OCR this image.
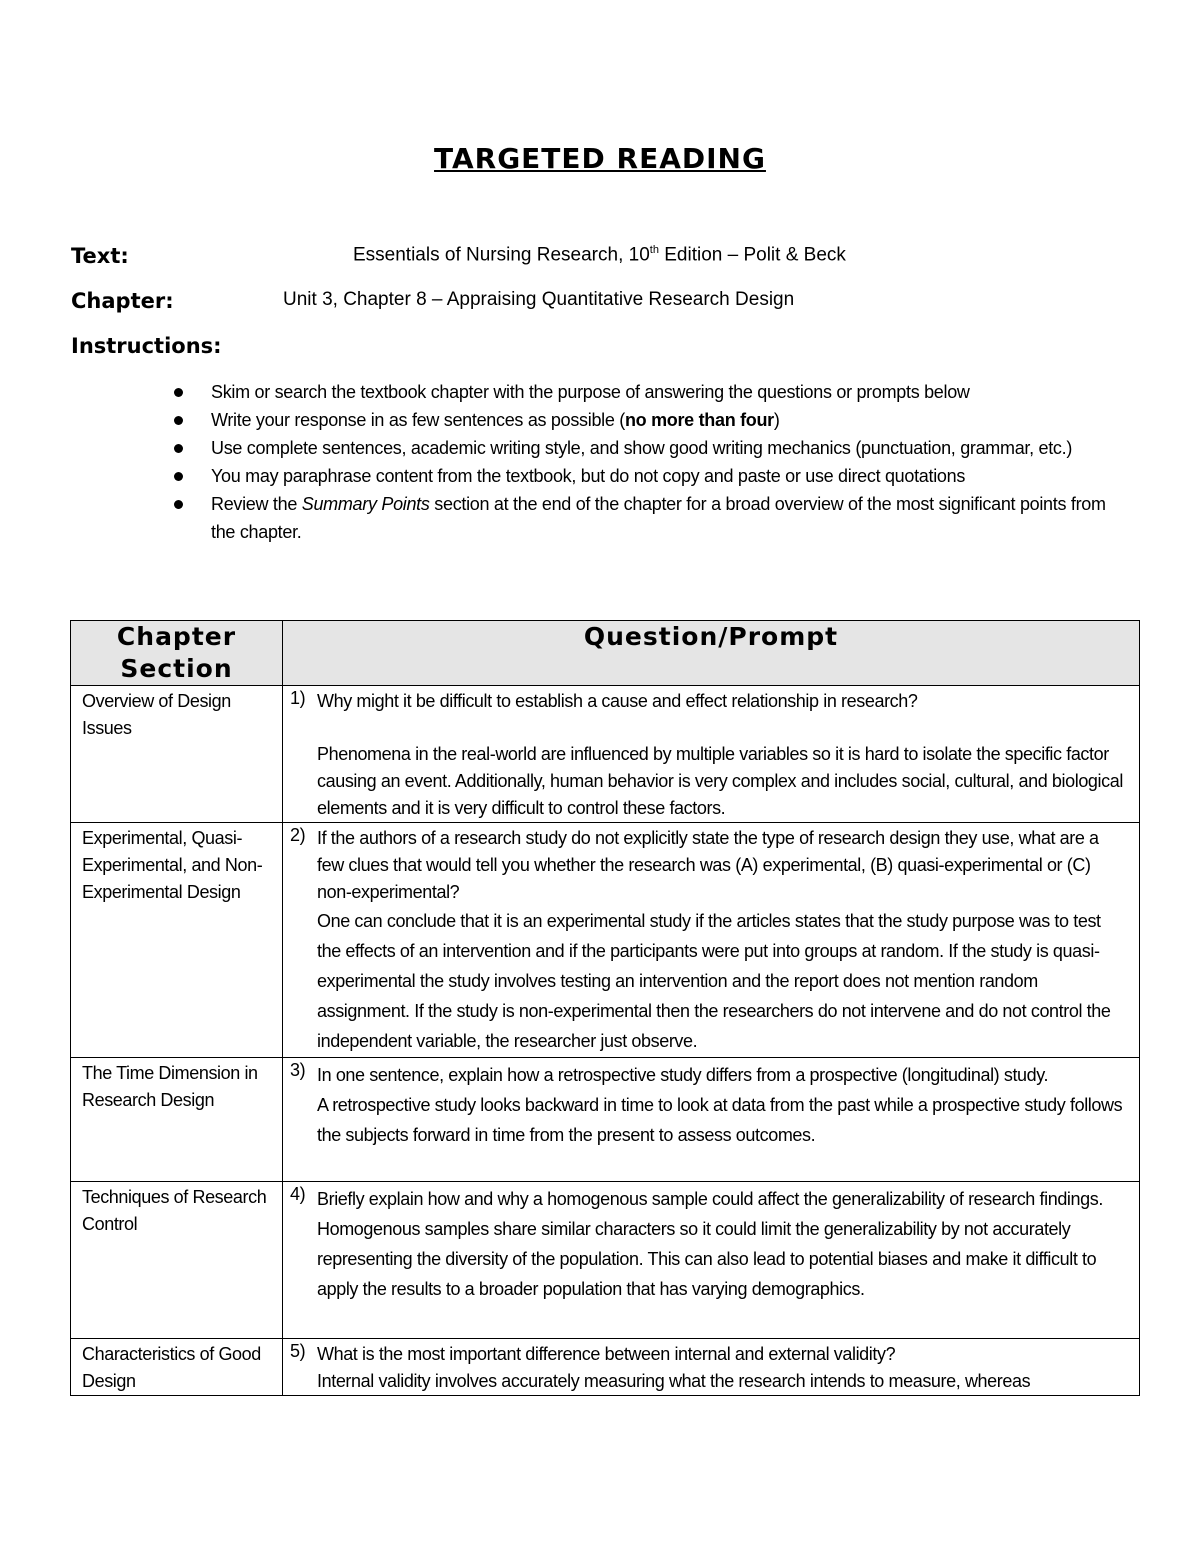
TARGETED READING
Text:	Essentials of Nursing Research, 10th Edition – Polit & Beck
Chapter:	Unit 3, Chapter 8 – Appraising Quantitative Research Design
Instructions:
Skim or search the textbook chapter with the purpose of answering the questions or prompts below
Write your response in as few sentences as possible (no more than four)
Use complete sentences, academic writing style, and show good writing mechanics (punctuation, grammar, etc.)
You may paraphrase content from the textbook, but do not copy and paste or use direct quotations
Review the Summary Points section at the end of the chapter for a broad overview of the most significant points from the chapter.
Chapter Section	Question/Prompt

Overview of Design Issues	1) Why might it be difficult to establish a cause and effect relationship in research?
Phenomena in the real-world are influenced by multiple variables so it is hard to isolate the specific factor causing an event. Additionally, human behavior is very complex and includes social, cultural, and biological elements and it is very difficult to control these factors.

Experimental, Quasi-Experimental, and Non-Experimental Design	2) If the authors of a research study do not explicitly state the type of research design they use, what are a few clues that would tell you whether the research was (A) experimental, (B) quasi-experimental or (C) non-experimental?
One can conclude that it is an experimental study if the articles states that the study purpose was to test the effects of an intervention and if the participants were put into groups at random. If the study is quasi-experimental the study involves testing an intervention and the report does not mention random assignment. If the study is non-experimental then the researchers do not intervene and do not control the independent variable, the researcher just observe.

The Time Dimension in Research Design	3) In one sentence, explain how a retrospective study differs from a prospective (longitudinal) study.
A retrospective study looks backward in time to look at data from the past while a prospective study follows the subjects forward in time from the present to assess outcomes.

Techniques of Research Control	4) Briefly explain how and why a homogenous sample could affect the generalizability of research findings.
Homogenous samples share similar characters so it could limit the generalizability by not accurately representing the diversity of the population. This can also lead to potential biases and make it difficult to apply the results to a broader population that has varying demographics.

Characteristics of Good Design	5) What is the most important difference between internal and external validity?
Internal validity involves accurately measuring what the research intends to measure, whereas
